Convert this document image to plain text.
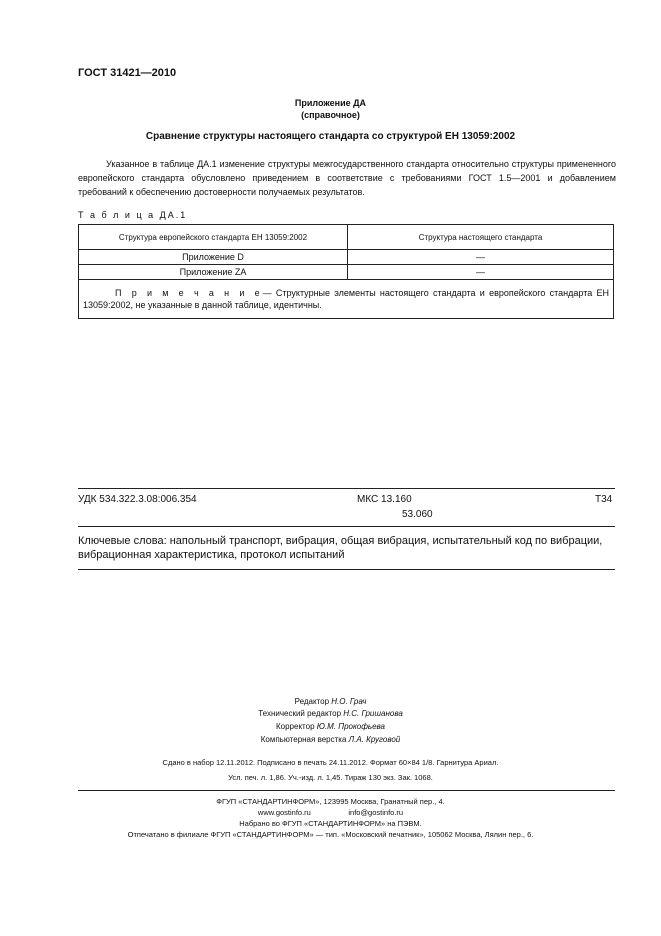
ГОСТ 31421—2010
Приложение ДА
(справочное)
Сравнение структуры настоящего стандарта со структурой ЕН 13059:2002
Указанное в таблице ДА.1 изменение структуры межгосударственного стандарта относительно структуры примененного европейского стандарта обусловлено приведением в соответствие с требованиями ГОСТ 1.5—2001 и добавлением требований к обеспечению достоверности получаемых результатов.
Т а б л и ц а ДА.1
Структура европейского стандарта ЕН 13059:2002	Структура настоящего стандарта
Приложение D	—
Приложение ZA	—

П р и м е ч а н и е— Структурные элементы настоящего стандарта и европейского стандарта ЕН 13059:2002, не указанные в данной таблице, идентичны.	
УДК 534.322.3.08:006.354	МКС 13.160
53.060
Т34
Ключевые слова: напольный транспорт, вибрация, общая вибрация, испытательный код по вибрации, вибрационная характеристика, протокол испытаний
Редактор Н.О. Грач
Технический редактор Н.С. Гришанова
Корректор Ю.М. Прокофьева
Компьютерная верстка Л.А. Круговой
Сдано в набор 12.11.2012. Подписано в печать 24.11.2012. Формат 60×84 1/8. Гарнитура Ариал.
Усл. печ. л. 1,86. Уч.-изд. л. 1,45. Тираж 130 экз. Зак. 1068.
ФГУП «СТАНДАРТИНФОРМ», 123995 Москва, Гранатный пер., 4.
www.gostinfo.ru                  info@gostinfo.ru
Набрано во ФГУП «СТАНДАРТИНФОРМ» на ПЭВМ.
Отпечатано в филиале ФГУП «СТАНДАРТИНФОРМ» — тип. «Московский печатник», 105062 Москва, Лялин пер., 6.
